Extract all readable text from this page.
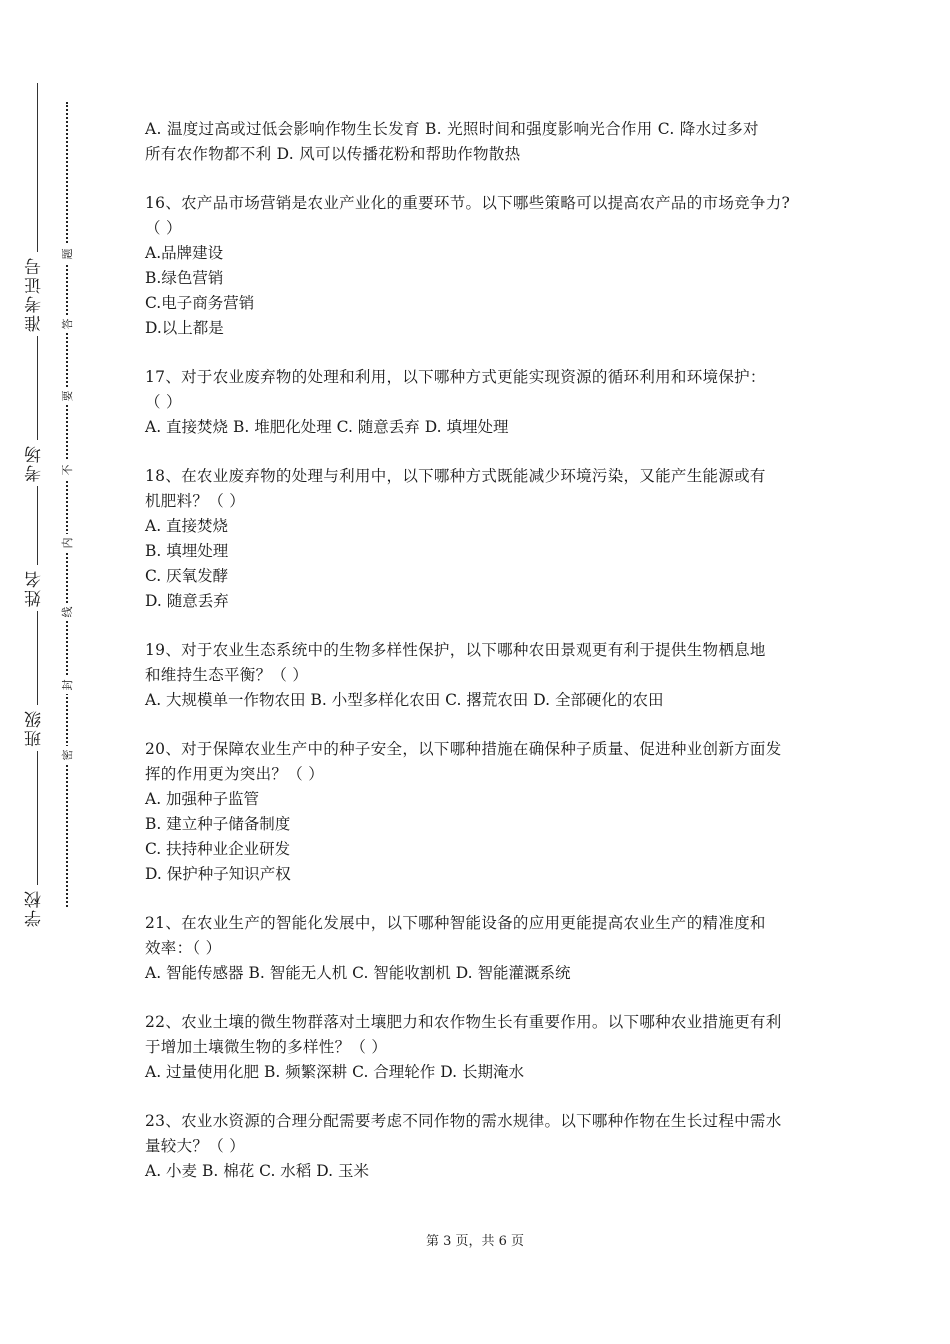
准考证号
考场
姓名
班级
学校
题
答
要
不
内
线
封
密
A. 温度过高或过低会影响作物生长发育 B. 光照时间和强度影响光合作用 C. 降水过多对
所有农作物都不利 D. 风可以传播花粉和帮助作物散热
16、农产品市场营销是农业产业化的重要环节。以下哪些策略可以提高农产品的市场竞争力?
（ ）
A.品牌建设
B.绿色营销
C.电子商务营销
D.以上都是
17、对于农业废弃物的处理和利用，以下哪种方式更能实现资源的循环利用和环境保护：
（ ）
A. 直接焚烧 B. 堆肥化处理 C. 随意丢弃 D. 填埋处理
18、在农业废弃物的处理与利用中，以下哪种方式既能减少环境污染，又能产生能源或有
机肥料？（ ）
A. 直接焚烧
B. 填埋处理
C. 厌氧发酵
D. 随意丢弃
19、对于农业生态系统中的生物多样性保护，以下哪种农田景观更有利于提供生物栖息地
和维持生态平衡？（ ）
A. 大规模单一作物农田 B. 小型多样化农田 C. 撂荒农田 D. 全部硬化的农田
20、对于保障农业生产中的种子安全，以下哪种措施在确保种子质量、促进种业创新方面发
挥的作用更为突出？（ ）
A. 加强种子监管
B. 建立种子储备制度
C. 扶持种业企业研发
D. 保护种子知识产权
21、在农业生产的智能化发展中，以下哪种智能设备的应用更能提高农业生产的精准度和
效率：（ ）
A. 智能传感器 B. 智能无人机 C. 智能收割机 D. 智能灌溉系统
22、农业土壤的微生物群落对土壤肥力和农作物生长有重要作用。以下哪种农业措施更有利
于增加土壤微生物的多样性？（ ）
A. 过量使用化肥 B. 频繁深耕 C. 合理轮作 D. 长期淹水
23、农业水资源的合理分配需要考虑不同作物的需水规律。以下哪种作物在生长过程中需水
量较大？（ ）
A. 小麦 B. 棉花 C. 水稻 D. 玉米
第 3 页，共 6 页
